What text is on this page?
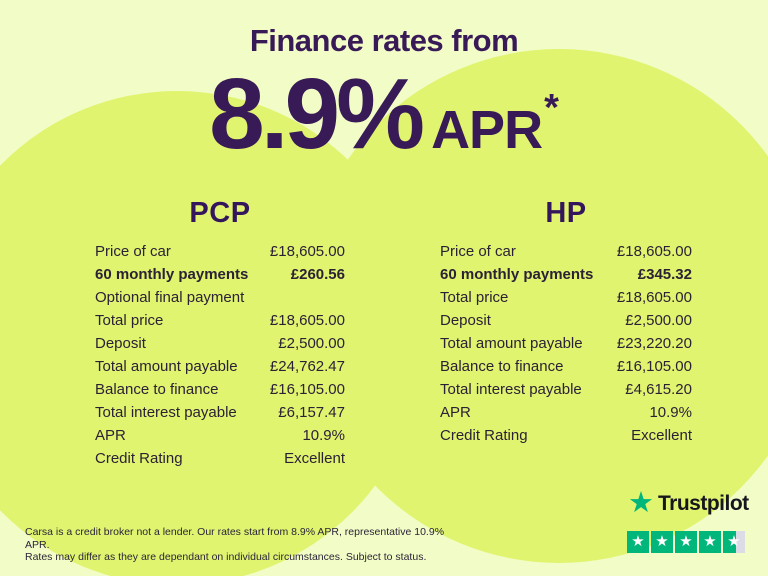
Finance rates from
8.9% APR *
PCP
Price of car	£18,605.00
60 monthly payments	£260.56
Optional final payment
Total price	£18,605.00
Deposit	£2,500.00
Total amount payable £24,762.47
Balance to finance	£16,105.00
Total interest payable	£6,157.47
APR	10.9%
Credit Rating	Excellent
HP
Price of car	£18,605.00
60 monthly payments	£345.32
Total price	£18,605.00
Deposit	£2,500.00
Total amount payable £23,220.20
Balance to finance	£16,105.00
Total interest payable	£4,615.20
APR	10.9%
Credit Rating	Excellent
Carsa is a credit broker not a lender. Our rates start from 8.9% APR, representative 10.9% APR.
Rates may differ as they are dependant on individual circumstances. Subject to status.
★ Trustpilot
★ ★ ★ ★ ★
